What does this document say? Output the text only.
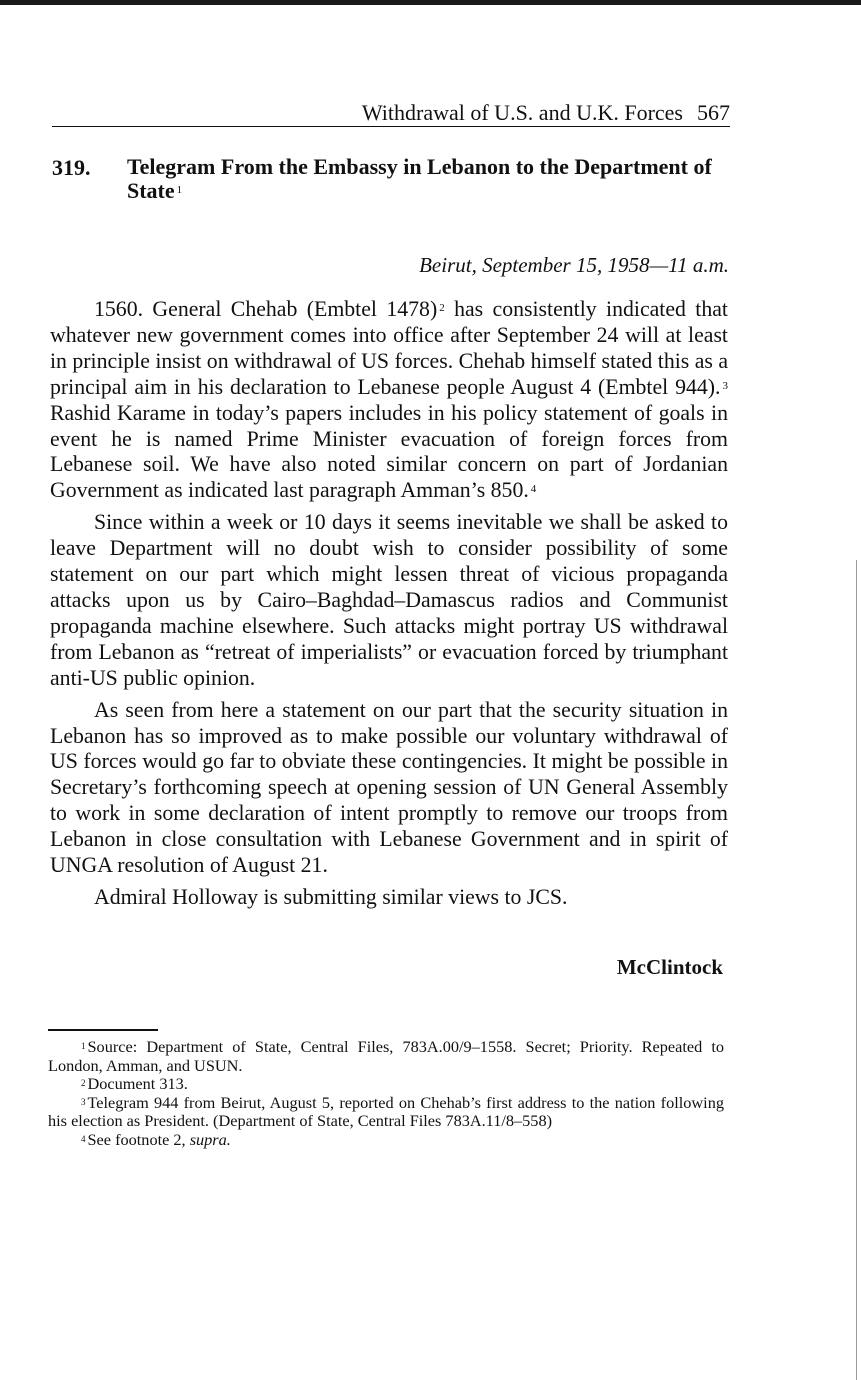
Withdrawal of U.S. and U.K. Forces 567
319. Telegram From the Embassy in Lebanon to the Department of State $^1$
Beirut, September 15, 1958—11 a.m.

1560. General Chehab (Embtel 1478) $^2$ has consistently indicated that whatever new government comes into office after September 24 will at least in principle insist on withdrawal of US forces. Chehab himself stated this as a principal aim in his declaration to Lebanese people August 4 (Embtel 944). $^3$ Rashid Karame in today’s papers includes in his policy statement of goals in event he is named Prime Minister evacuation of foreign forces from Lebanese soil. We have also noted similar concern on part of Jordanian Government as indicated last paragraph Amman’s 850. $^4$

Since within a week or 10 days it seems inevitable we shall be asked to leave Department will no doubt wish to consider possibility of some statement on our part which might lessen threat of vicious propaganda attacks upon us by Cairo–Baghdad–Damascus radios and Communist propaganda machine elsewhere. Such attacks might portray US withdrawal from Lebanon as “retreat of imperialists” or evacuation forced by triumphant anti-US public opinion.

As seen from here a statement on our part that the security situation in Lebanon has so improved as to make possible our voluntary withdrawal of US forces would go far to obviate these contingencies. It might be possible in Secretary’s forthcoming speech at opening session of UN General Assembly to work in some declaration of intent promptly to remove our troops from Lebanon in close consultation with Lebanese Government and in spirit of UNGA resolution of August 21.

Admiral Holloway is submitting similar views to JCS.

McClintock

$^1$ Source: Department of State, Central Files, 783A.00/9–1558. Secret; Priority. Repeated to London, Amman, and USUN.

$^2$ Document 313.

$^3$ Telegram 944 from Beirut, August 5, reported on Chehab’s first address to the nation following his election as President. (Department of State, Central Files 783A.11/8–558)

$^4$ See footnote 2, supra.
